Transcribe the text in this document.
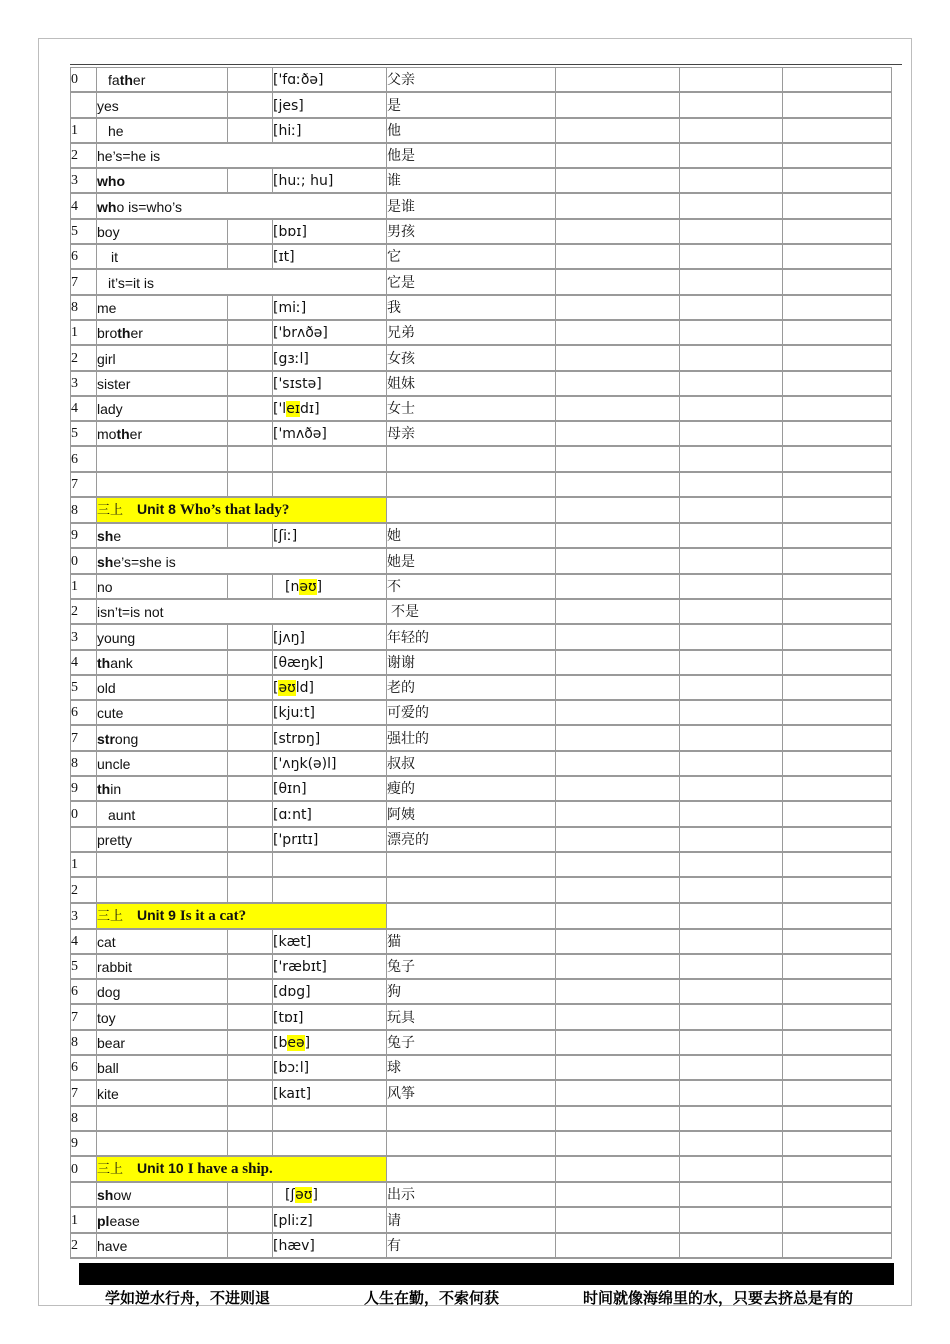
0	father		['fɑːðə]	父亲			
	yes		[jes]	是			
1	he		[hiː]	他			
2	he’s=he is			他是			
3	who		[huː; hu]	谁			
4	who is=who’s			是谁			
5	boy		[bɒɪ]	男孩			
6	it		[ɪt]	它			
7	it’s=it is			它是			
8	me		[miː]	我			
1	brother		['brʌðə]	兄弟			
2	girl		[gɜːl]	女孩			
3	sister		['sɪstə]	姐妹			
4	lady		['leɪdɪ]	女士			
5	mother		['mʌðə]	母亲			
6							
7							
8	三上 Unit 8 Who’s that lady?						
9	she		[ʃiː]	她			
0	she’s=she is			她是			
1	no		[nəʊ]	不			
2	isn’t=is not			不是			
3	young		[jʌŋ]	年轻的			
4	thank		[θæŋk]	谢谢			
5	old		[əʊld]	老的			
6	cute		[kjuːt]	可爱的			
7	strong		[strɒŋ]	强壮的			
8	uncle		['ʌŋk(ə)l]	叔叔			
9	thin		[θɪn]	瘦的			
0	aunt		[ɑːnt]	阿姨			
	pretty		['prɪtɪ]	漂亮的			
1							
2							
3	三上 Unit 9 Is it a cat?						
4	cat		[kæt]	猫			
5	rabbit		['ræbɪt]	兔子			
6	dog		[dɒg]	狗			
7	toy		[tɒɪ]	玩具			
8	bear		[beə]	兔子			
6	ball		[bɔːl]	球			
7	kite		[kaɪt]	风筝			
8							
9							
0	三上 Unit 10 I have a ship.						
	show		[ʃəʊ]	出示			
1	please		[pliːz]	请			
2	have		[hæv]	有			
学如逆水行舟，不进则退	人生在勤，不索何获	时间就像海绵里的水，只要去挤总是有的
